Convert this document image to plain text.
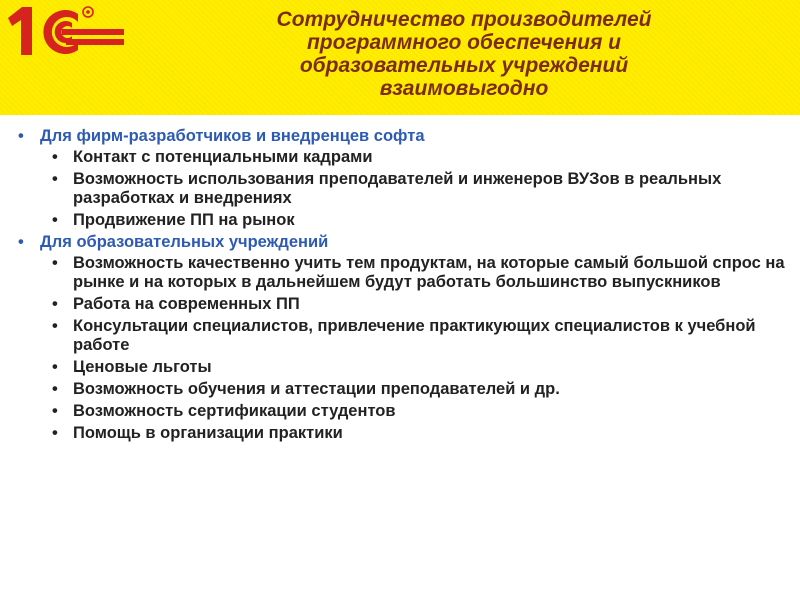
Сотрудничество производителей
программного обеспечения и
образовательных учреждений
взаимовыгодно
• Для фирм-разработчиков и внедренцев софта
• Контакт с потенциальными кадрами
• Возможность использования преподавателей и инженеров ВУЗов в реальных разработках и внедрениях
• Продвижение ПП на рынок
• Для образовательных учреждений
• Возможность качественно учить тем продуктам, на которые самый большой спрос на рынке и на которых в дальнейшем будут работать большинство выпускников
• Работа на современных ПП
• Консультации специалистов, привлечение практикующих специалистов к учебной работе
• Ценовые льготы
• Возможность обучения и аттестации преподавателей и др.
• Возможность сертификации студентов
• Помощь в организации практики
